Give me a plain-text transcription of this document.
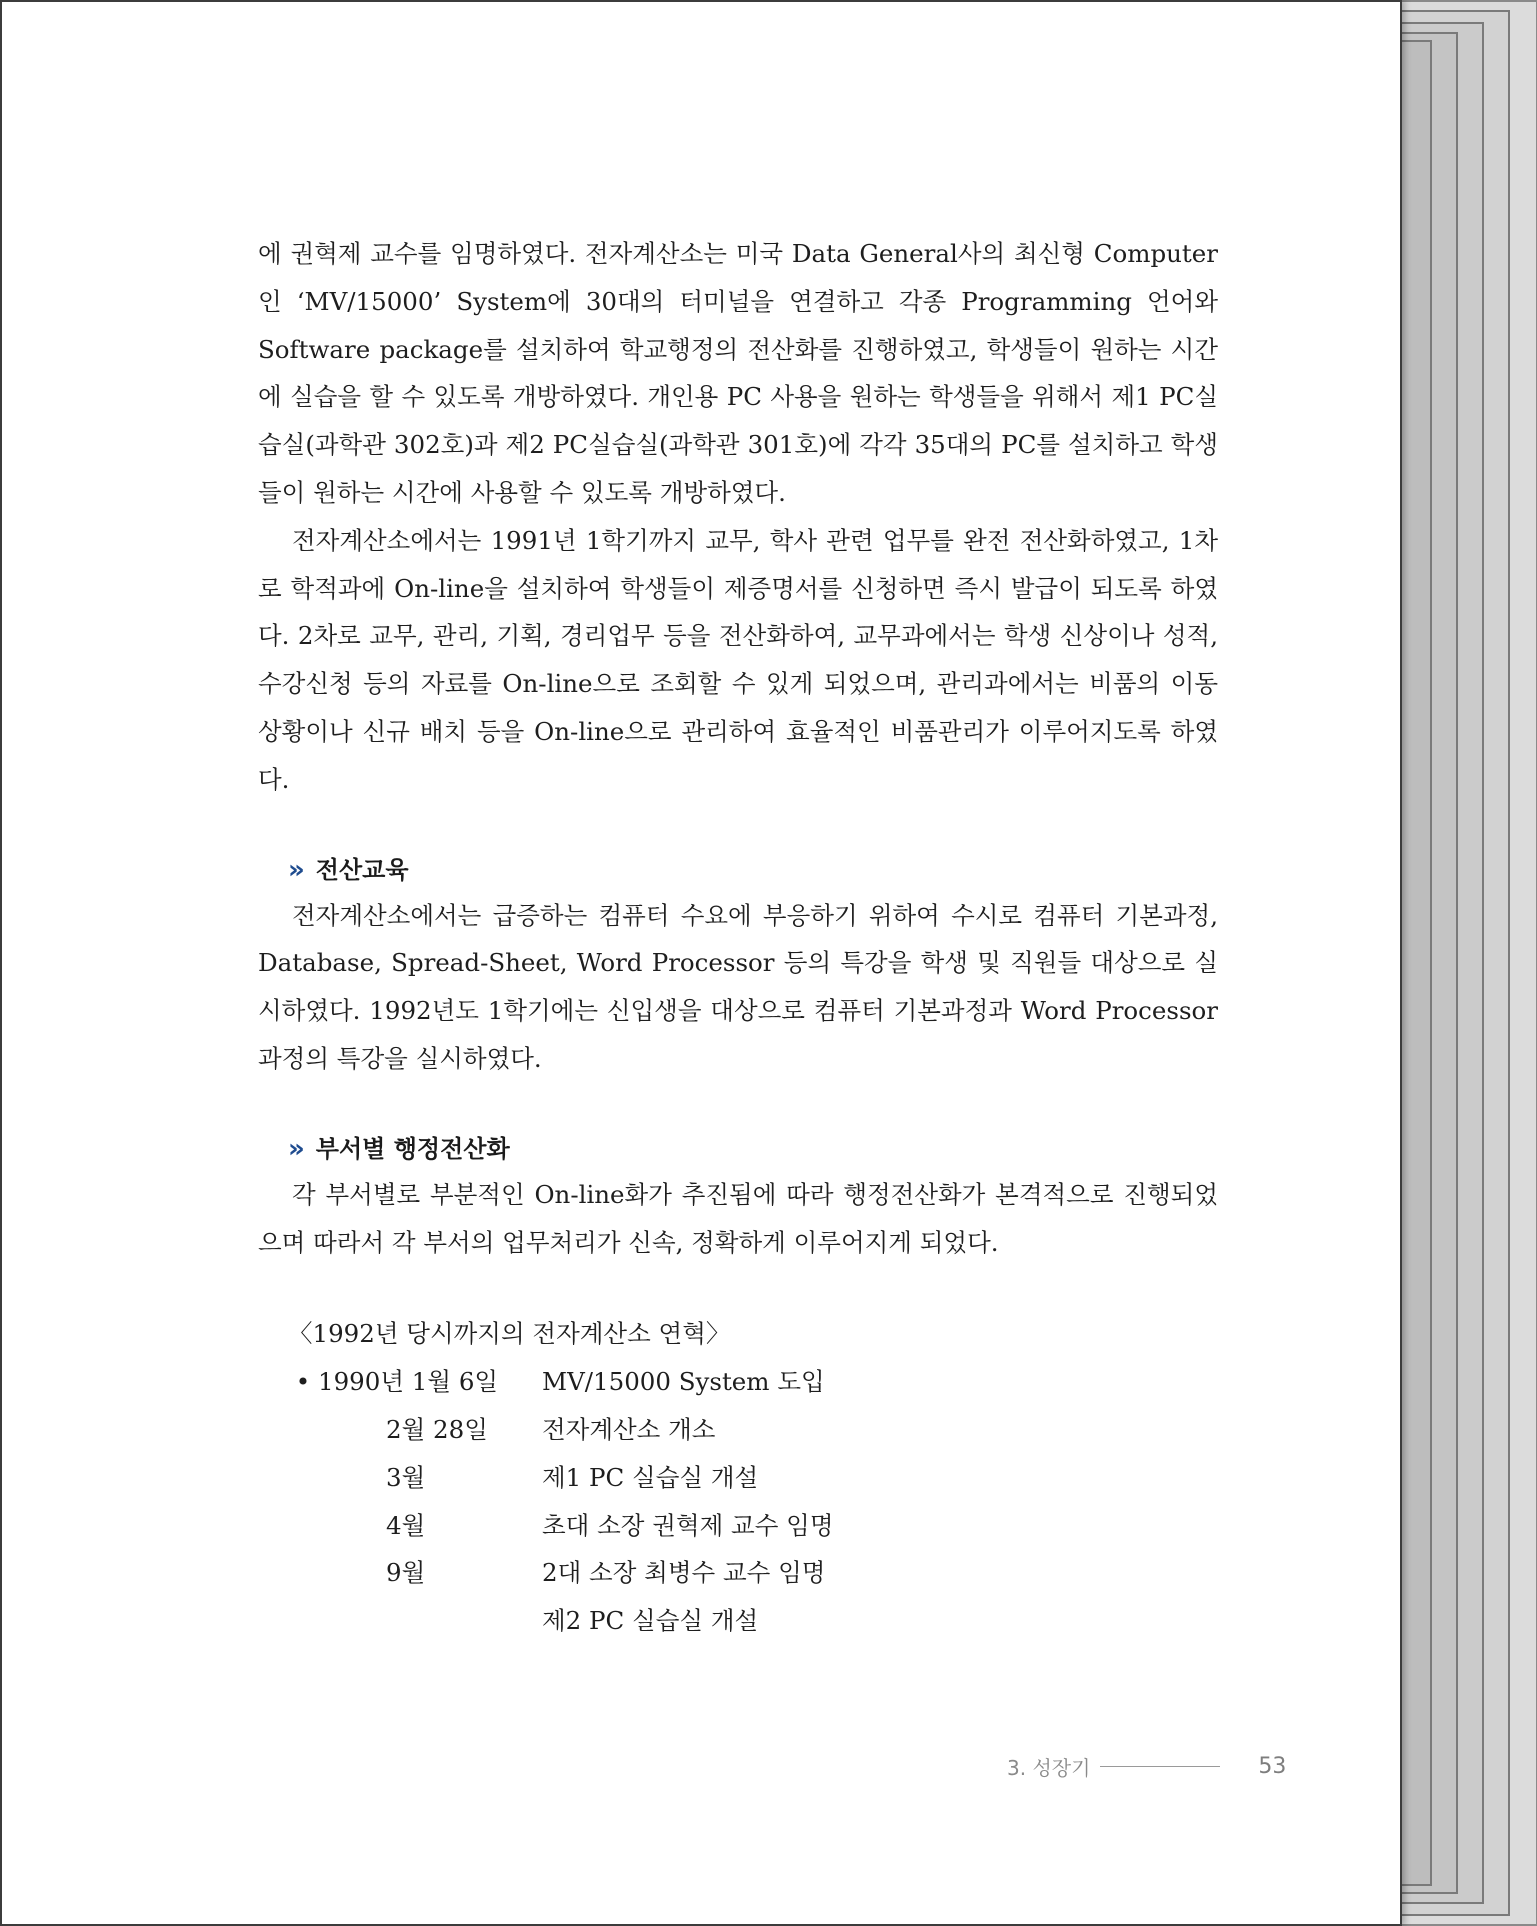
에 권혁제 교수를 임명하였다. 전자계산소는 미국 Data General사의 최신형 Computer인 ‘MV/15000’ System에 30대의 터미널을 연결하고 각종 Programming 언어와 Software package를 설치하여 학교행정의 전산화를 진행하였고, 학생들이 원하는 시간에 실습을 할 수 있도록 개방하였다. 개인용 PC 사용을 원하는 학생들을 위해서 제1 PC실습실(과학관 302호)과 제2 PC실습실(과학관 301호)에 각각 35대의 PC를 설치하고 학생들이 원하는 시간에 사용할 수 있도록 개방하였다.

전자계산소에서는 1991년 1학기까지 교무, 학사 관련 업무를 완전 전산화하였고, 1차로 학적과에 On-line을 설치하여 학생들이 제증명서를 신청하면 즉시 발급이 되도록 하였다. 2차로 교무, 관리, 기획, 경리업무 등을 전산화하여, 교무과에서는 학생 신상이나 성적, 수강신청 등의 자료를 On-line으로 조회할 수 있게 되었으며, 관리과에서는 비품의 이동 상황이나 신규 배치 등을 On-line으로 관리하여 효율적인 비품관리가 이루어지도록 하였다.

» 전산교육

전자계산소에서는 급증하는 컴퓨터 수요에 부응하기 위하여 수시로 컴퓨터 기본과정, Database, Spread-Sheet, Word Processor 등의 특강을 학생 및 직원들 대상으로 실시하였다. 1992년도 1학기에는 신입생을 대상으로 컴퓨터 기본과정과 Word Processor 과정의 특강을 실시하였다.

» 부서별 행정전산화

각 부서별로 부분적인 On-line화가 추진됨에 따라 행정전산화가 본격적으로 진행되었으며 따라서 각 부서의 업무처리가 신속, 정확하게 이루어지게 되었다.

〈1992년 당시까지의 전자계산소 연혁〉
• 1990년 1월 6일	MV/15000 System 도입
2월 28일	전자계산소 개소
3월	제1 PC 실습실 개설
4월	초대 소장 권혁제 교수 임명
9월	2대 소장 최병수 교수 임명
제2 PC 실습실 개설
3. 성장기	53
